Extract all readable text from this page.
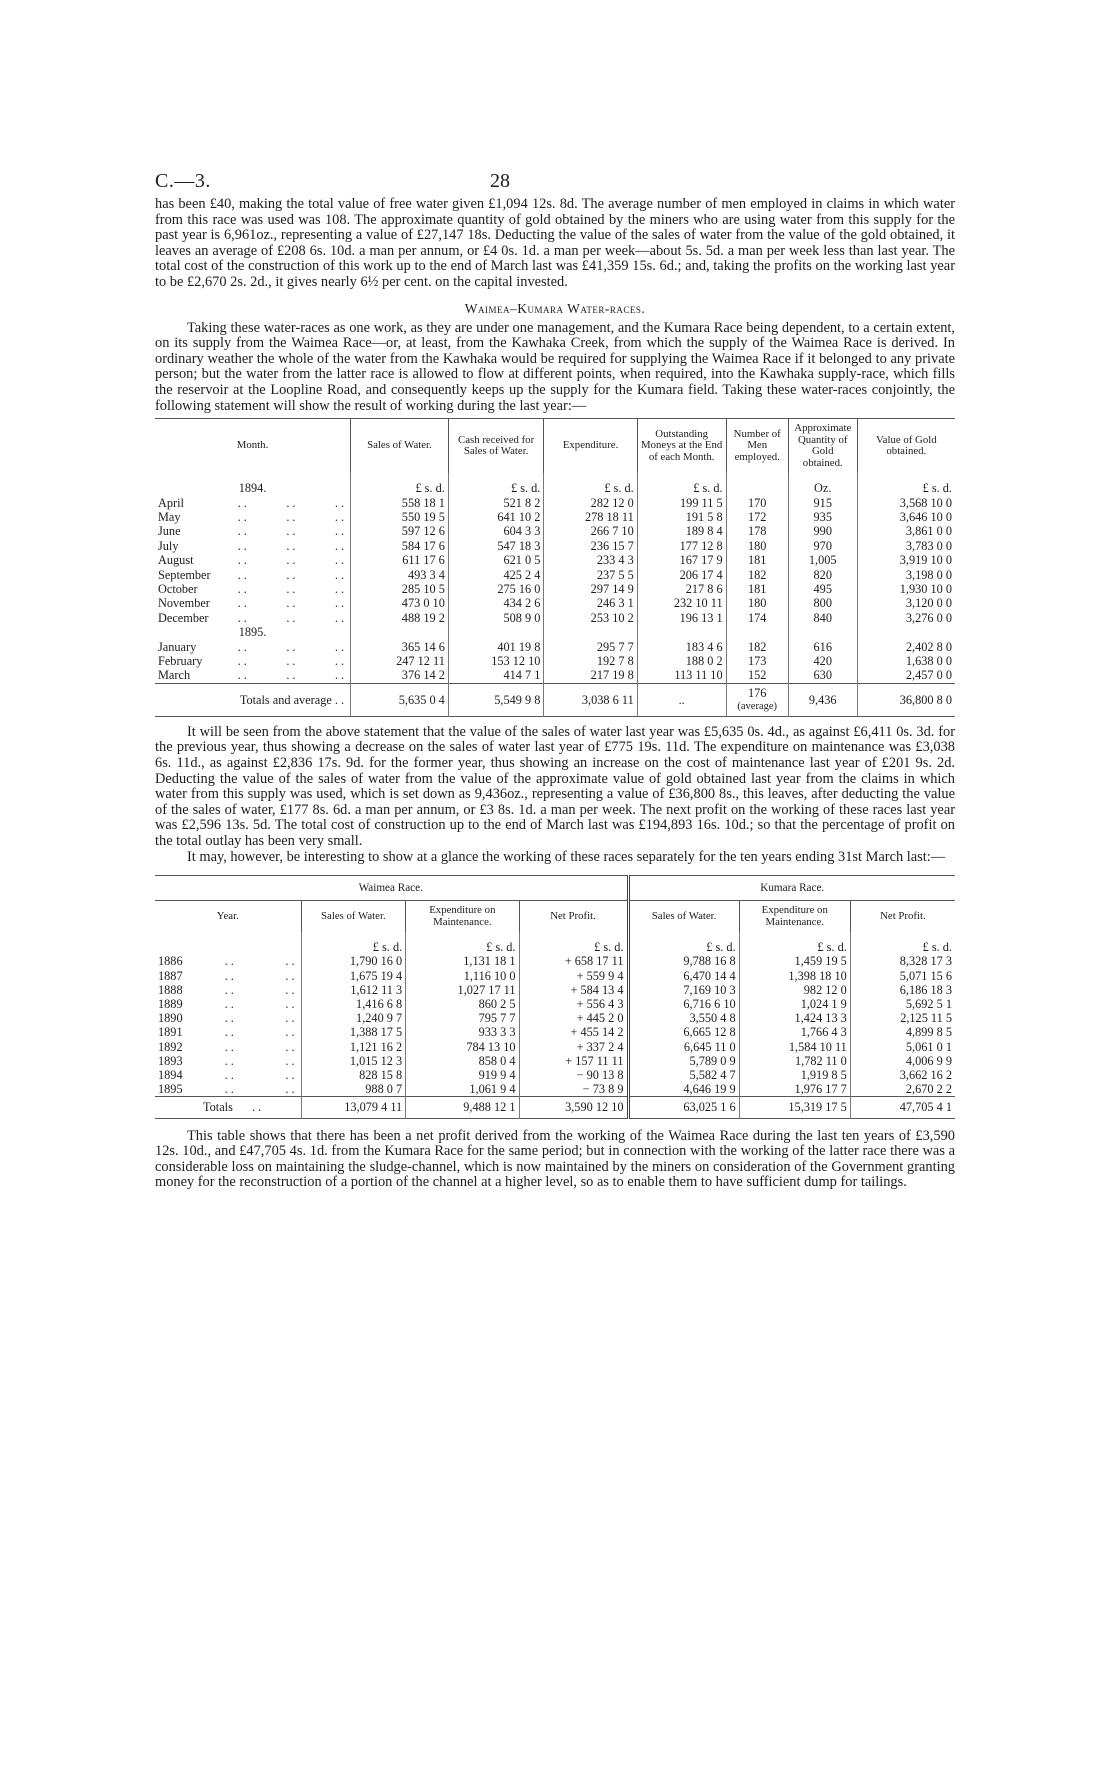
C.—3.	28

has been £40, making the total value of free water given £1,094 12s. 8d. The average number of men employed in claims in which water from this race was used was 108. The approximate quantity of gold obtained by the miners who are using water from this supply for the past year is 6,961oz., representing a value of £27,147 18s. Deducting the value of the sales of water from the value of the gold obtained, it leaves an average of £208 6s. 10d. a man per annum, or £4 0s. 1d. a man per week—about 5s. 5d. a man per week less than last year. The total cost of the construction of this work up to the end of March last was £41,359 15s. 6d.; and, taking the profits on the working last year to be £2,670 2s. 2d., it gives nearly 6½ per cent. on the capital invested.

Waimea–Kumara Water-races.

Taking these water-races as one work, as they are under one management, and the Kumara Race being dependent, to a certain extent, on its supply from the Waimea Race—or, at least, from the Kawhaka Creek, from which the supply of the Waimea Race is derived. In ordinary weather the whole of the water from the Kawhaka would be required for supplying the Waimea Race if it belonged to any private person; but the water from the latter race is allowed to flow at different points, when required, into the Kawhaka supply-race, which fills the reservoir at the Loopline Road, and consequently keeps up the supply for the Kumara field. Taking these water-races conjointly, the following statement will show the result of working during the last year:—

Month.	Sales of Water.	Cash received for Sales of Water.	Expenditure.	Outstanding Moneys at the End of each Month.	Number of Men employed.	Approximate Quantity of Gold obtained.	Value of Gold obtained.
1894.	£ s. d.	£ s. d.	£ s. d.	£ s. d.		Oz.	£ s. d.
April ..      ..      ..	558 18 1	521 8 2	282 12 0	199 11 5	170	915	3,568 10 0
May ..      ..      ..	550 19 5	641 10 2	278 18 11	191 5 8	172	935	3,646 10 0
June ..      ..      ..	597 12 6	604 3 3	266 7 10	189 8 4	178	990	3,861 0 0
July ..      ..      ..	584 17 6	547 18 3	236 15 7	177 12 8	180	970	3,783 0 0
August ..      ..      ..	611 17 6	621 0 5	233 4 3	167 17 9	181	1,005	3,919 10 0
September ..      ..      ..	493 3 4	425 2 4	237 5 5	206 17 4	182	820	3,198 0 0
October ..      ..      ..	285 10 5	275 16 0	297 14 9	217 8 6	181	495	1,930 10 0
November ..      ..      ..	473 0 10	434 2 6	246 3 1	232 10 11	180	800	3,120 0 0
December ..      ..      ..	488 19 2	508 9 0	253 10 2	196 13 1	174	840	3,276 0 0
1895.							
January ..      ..      ..	365 14 6	401 19 8	295 7 7	183 4 6	182	616	2,402 8 0
February ..      ..      ..	247 12 11	153 12 10	192 7 8	188 0 2	173	420	1,638 0 0
March ..      ..      ..	376 14 2	414 7 1	217 19 8	113 11 10	152	630	2,457 0 0
Totals and average ..	5,635 0 4	5,549 9 8	3,038 6 11	..	176
(average)	9,436	36,800 8 0

It will be seen from the above statement that the value of the sales of water last year was £5,635 0s. 4d., as against £6,411 0s. 3d. for the previous year, thus showing a decrease on the sales of water last year of £775 19s. 11d. The expenditure on maintenance was £3,038 6s. 11d., as against £2,836 17s. 9d. for the former year, thus showing an increase on the cost of maintenance last year of £201 9s. 2d. Deducting the value of the sales of water from the value of the approximate value of gold obtained last year from the claims in which water from this supply was used, which is set down as 9,436oz., representing a value of £36,800 8s., this leaves, after deducting the value of the sales of water, £177 8s. 6d. a man per annum, or £3 8s. 1d. a man per week. The next profit on the working of these races last year was £2,596 13s. 5d. The total cost of construction up to the end of March last was £194,893 16s. 10d.; so that the percentage of profit on the total outlay has been very small.

It may, however, be interesting to show at a glance the working of these races separately for the ten years ending 31st March last:—

Waimea Race.				Kumara Race.		
Year.	Sales of Water.	Expenditure on Maintenance.	Net Profit.	Sales of Water.	Expenditure on Maintenance.	Net Profit.
	£ s. d.	£ s. d.	£ s. d.	£ s. d.	£ s. d.	£ s. d.
1886 ..        ..	1,790 16 0	1,131 18 1	+ 658 17 11	9,788 16 8	1,459 19 5	8,328 17 3
1887 ..        ..	1,675 19 4	1,116 10 0	+ 559 9 4	6,470 14 4	1,398 18 10	5,071 15 6
1888 ..        ..	1,612 11 3	1,027 17 11	+ 584 13 4	7,169 10 3	982 12 0	6,186 18 3
1889 ..        ..	1,416 6 8	860 2 5	+ 556 4 3	6,716 6 10	1,024 1 9	5,692 5 1
1890 ..        ..	1,240 9 7	795 7 7	+ 445 2 0	3,550 4 8	1,424 13 3	2,125 11 5
1891 ..        ..	1,388 17 5	933 3 3	+ 455 14 2	6,665 12 8	1,766 4 3	4,899 8 5
1892 ..        ..	1,121 16 2	784 13 10	+ 337 2 4	6,645 11 0	1,584 10 11	5,061 0 1
1893 ..        ..	1,015 12 3	858 0 4	+ 157 11 11	5,789 0 9	1,782 11 0	4,006 9 9
1894 ..        ..	828 15 8	919 9 4	− 90 13 8	5,582 4 7	1,919 8 5	3,662 16 2
1895 ..        ..	988 0 7	1,061 9 4	− 73 8 9	4,646 19 9	1,976 17 7	2,670 2 2
Totals ..	13,079 4 11	9,488 12 1	3,590 12 10	63,025 1 6	15,319 17 5	47,705 4 1

This table shows that there has been a net profit derived from the working of the Waimea Race during the last ten years of £3,590 12s. 10d., and £47,705 4s. 1d. from the Kumara Race for the same period; but in connection with the working of the latter race there was a considerable loss on maintaining the sludge-channel, which is now maintained by the miners on consideration of the Government granting money for the reconstruction of a portion of the channel at a higher level, so as to enable them to have sufficient dump for tailings.
